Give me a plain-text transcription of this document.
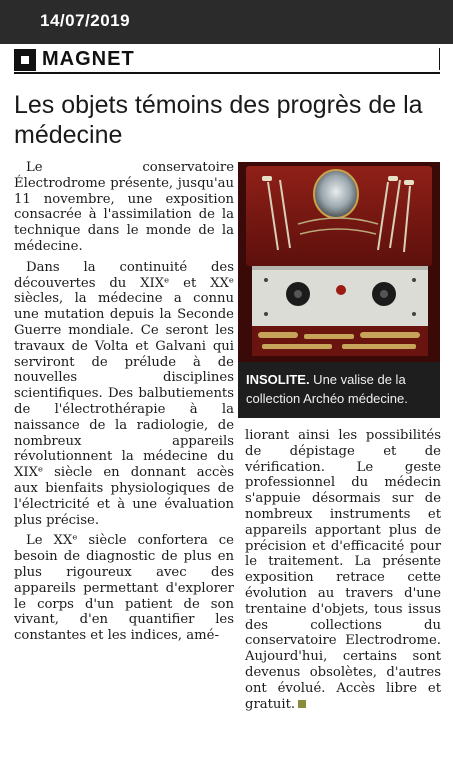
14/07/2019
MAGNET
Les objets témoins des progrès de la médecine

Le conservatoire Électrodrome présente, jusqu'au 11 novembre, une exposition consacrée à l'assimilation de la technique dans le monde de la médecine.

Dans la continuité des découvertes du XIXᵉ et XXᵉ siècles, la médecine a connu une mutation depuis la Seconde Guerre mondiale. Ce seront les travaux de Volta et Galvani qui serviront de prélude à de nouvelles disciplines scientifiques. Des balbutiements de l'électrothérapie à la naissance de la radiologie, de nombreux appareils révolutionnent la médecine du XIXᵉ siècle en donnant accès aux bienfaits physiologiques de l'électricité et à une évaluation plus précise.

Le XXᵉ siècle confortera ce besoin de diagnostic de plus en plus rigoureux avec des appareils permettant d'explorer le corps d'un patient de son vivant, d'en quantifier les constantes et les indices, amé-

INSOLITE. Une valise de la collection Archéo médecine.

liorant ainsi les possibilités de dépistage et de vérification. Le geste professionnel du médecin s'appuie désormais sur de nombreux instruments et appareils apportant plus de précision et d'efficacité pour le traitement. La présente exposition retrace cette évolution au travers d'une trentaine d'objets, tous issus des collections du conservatoire Electrodrome. Aujourd'hui, certains sont devenus obsolètes, d'autres ont évolué. Accès libre et gratuit.
